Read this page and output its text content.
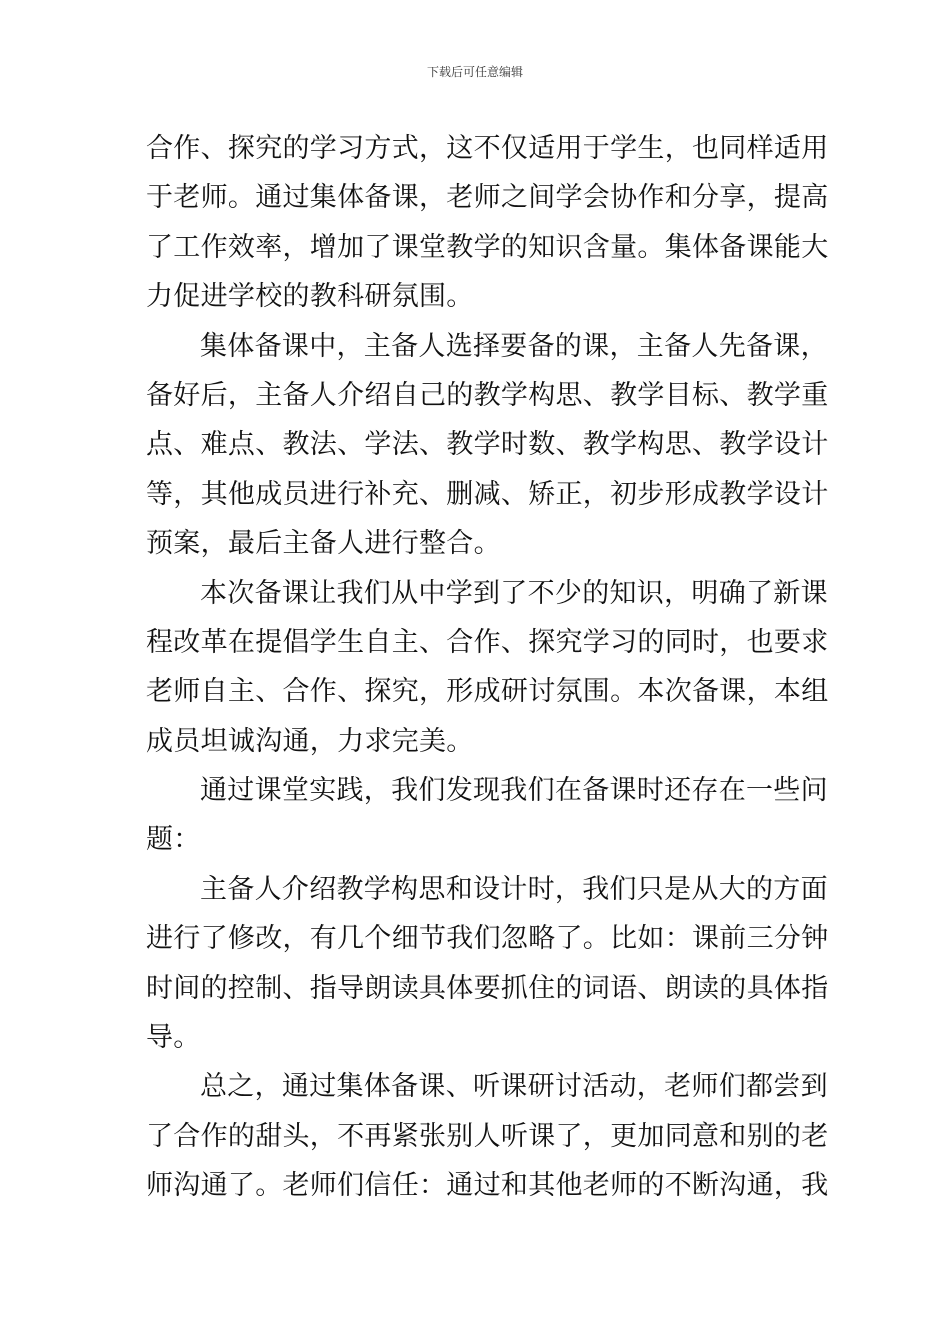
下载后可任意编辑
合作、探究的学习方式，这不仅适用于学生，也同样适用
于老师。通过集体备课，老师之间学会协作和分享，提高
了工作效率，增加了课堂教学的知识含量。集体备课能大
力促进学校的教科研氛围。
集体备课中，主备人选择要备的课，主备人先备课，
备好后，主备人介绍自己的教学构思、教学目标、教学重
点、难点、教法、学法、教学时数、教学构思、教学设计
等，其他成员进行补充、删减、矫正，初步形成教学设计
预案，最后主备人进行整合。
本次备课让我们从中学到了不少的知识，明确了新课
程改革在提倡学生自主、合作、探究学习的同时，也要求
老师自主、合作、探究，形成研讨氛围。本次备课，本组
成员坦诚沟通，力求完美。
通过课堂实践，我们发现我们在备课时还存在一些问
题：
主备人介绍教学构思和设计时，我们只是从大的方面
进行了修改，有几个细节我们忽略了。比如：课前三分钟
时间的控制、指导朗读具体要抓住的词语、朗读的具体指
导。
总之，通过集体备课、听课研讨活动，老师们都尝到
了合作的甜头，不再紧张别人听课了，更加同意和别的老
师沟通了。老师们信任：通过和其他老师的不断沟通，我
